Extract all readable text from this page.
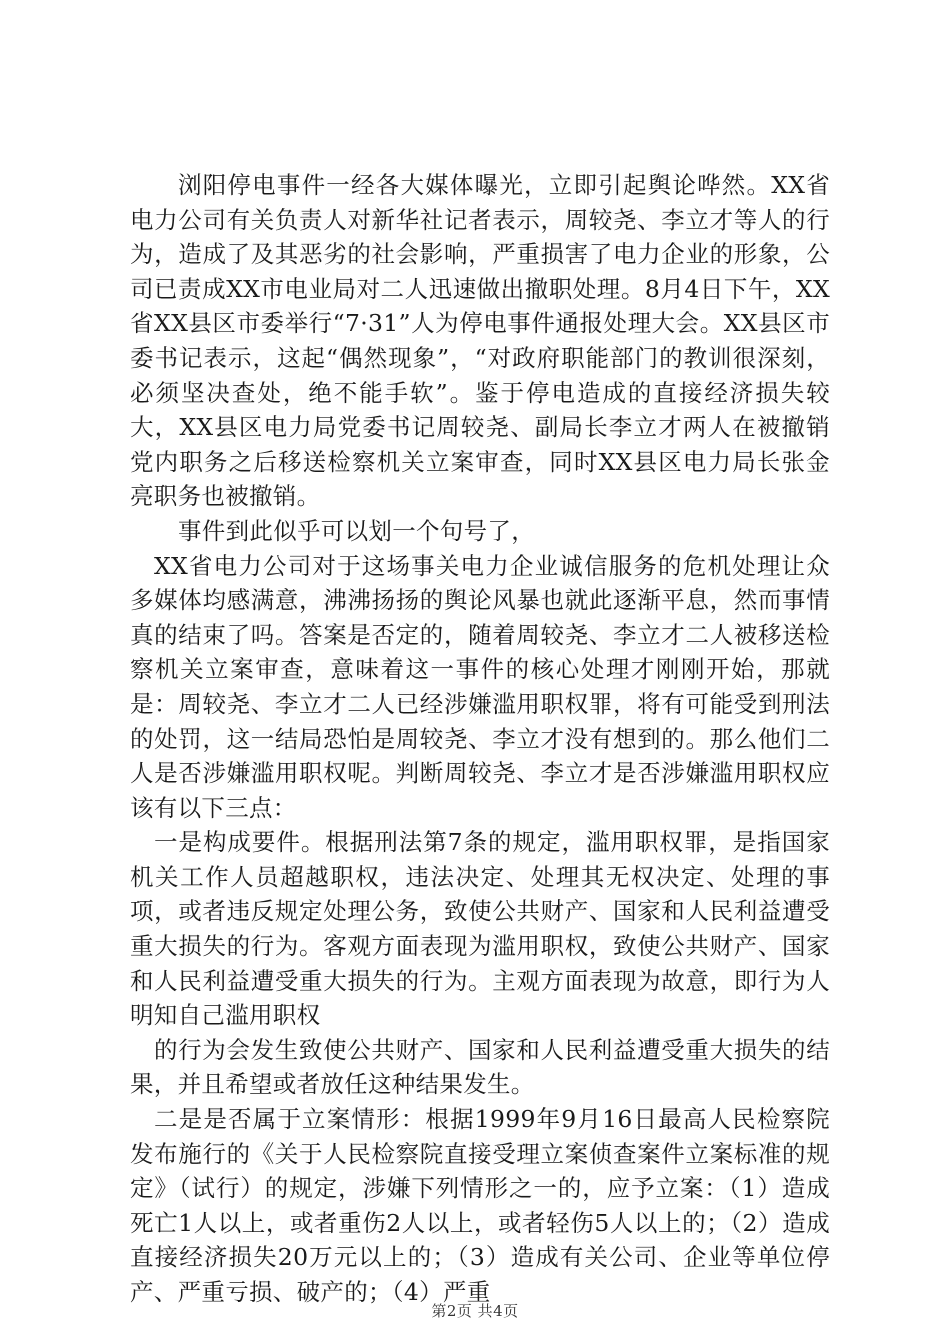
浏阳停电事件一经各大媒体曝光，立即引起舆论哗然。XX省电力公司有关负责人对新华社记者表示，周较尧、李立才等人的行为，造成了及其恶劣的社会影响，严重损害了电力企业的形象，公司已责成XX市电业局对二人迅速做出撤职处理。8月4日下午，XX省XX县区市委举行“7·31”人为停电事件通报处理大会。XX县区市委书记表示，这起“偶然现象”，“对政府职能部门的教训很深刻，必须坚决查处，绝不能手软”。鉴于停电造成的直接经济损失较大，XX县区电力局党委书记周较尧、副局长李立才两人在被撤销党内职务之后移送检察机关立案审查，同时XX县区电力局长张金亮职务也被撤销。

事件到此似乎可以划一个句号了，

XX省电力公司对于这场事关电力企业诚信服务的危机处理让众多媒体均感满意，沸沸扬扬的舆论风暴也就此逐渐平息，然而事情真的结束了吗。答案是否定的，随着周较尧、李立才二人被移送检察机关立案审查，意味着这一事件的核心处理才刚刚开始，那就是：周较尧、李立才二人已经涉嫌滥用职权罪，将有可能受到刑法的处罚，这一结局恐怕是周较尧、李立才没有想到的。那么他们二人是否涉嫌滥用职权呢。判断周较尧、李立才是否涉嫌滥用职权应该有以下三点：

一是构成要件。根据刑法第7条的规定，滥用职权罪，是指国家机关工作人员超越职权，违法决定、处理其无权决定、处理的事项，或者违反规定处理公务，致使公共财产、国家和人民利益遭受重大损失的行为。客观方面表现为滥用职权，致使公共财产、国家和人民利益遭受重大损失的行为。主观方面表现为故意，即行为人明知自己滥用职权

的行为会发生致使公共财产、国家和人民利益遭受重大损失的结果，并且希望或者放任这种结果发生。

二是是否属于立案情形：根据1999年9月16日最高人民检察院发布施行的《关于人民检察院直接受理立案侦查案件立案标准的规定》（试行）的规定，涉嫌下列情形之一的，应予立案：（1）造成死亡1人以上，或者重伤2人以上，或者轻伤5人以上的；（2）造成直接经济损失20万元以上的；（3）造成有关公司、企业等单位停产、严重亏损、破产的；（4）严重

第2页 共4页
